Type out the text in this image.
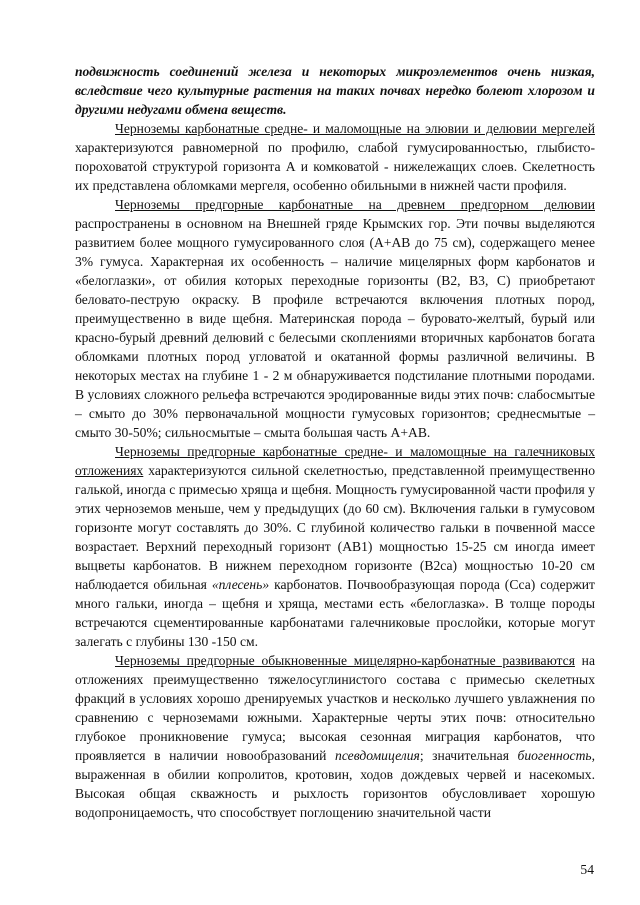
подвижность соединений железа и некоторых микроэлементов очень низкая, вследствие чего культурные растения на таких почвах нередко болеют хлорозом и другими недугами обмена веществ.

Черноземы карбонатные средне- и маломощные на элювии и делювии мергелей характеризуются равномерной по профилю, слабой гумусированностью, глыбисто-пороховатой структурой горизонта А и комковатой - нижележащих слоев. Скелетность их представлена обломками мергеля, особенно обильными в нижней части профиля.

Черноземы предгорные карбонатные на древнем предгорном делювии распространены в основном на Внешней гряде Крымских гор. Эти почвы выделяются развитием более мощного гумусированного слоя (А+АВ до 75 см), содержащего менее 3% гумуса. Характерная их особенность – наличие мицелярных форм карбонатов и «белоглазки», от обилия которых переходные горизонты (В2, В3, С) приобретают беловато-пеструю окраску. В профиле встречаются включения плотных пород, преимущественно в виде щебня. Материнская порода – буровато-желтый, бурый или красно-бурый древний делювий с белесыми скоплениями вторичных карбонатов богата обломками плотных пород угловатой и окатанной формы различной величины. В некоторых местах на глубине 1 - 2 м обнаруживается подстилание плотными породами. В условиях сложного рельефа встречаются эродированные виды этих почв: слабосмытые – смыто до 30% первоначальной мощности гумусовых горизонтов; среднесмытые – смыто 30-50%; сильносмытые – смыта большая часть А+АВ.

Черноземы предгорные карбонатные средне- и маломощные на галечниковых отложениях характеризуются сильной скелетностью, представленной преимущественно галькой, иногда с примесью хряща и щебня. Мощность гумусированной части профиля у этих черноземов меньше, чем у предыдущих (до 60 см). Включения гальки в гумусовом горизонте могут составлять до 30%. С глубиной количество гальки в почвенной массе возрастает. Верхний переходный горизонт (АВ1) мощностью 15-25 см иногда имеет выцветы карбонатов. В нижнем переходном горизонте (В2са) мощностью 10-20 см наблюдается обильная «плесень» карбонатов. Почвообразующая порода (Сса) содержит много гальки, иногда – щебня и хряща, местами есть «белоглазка». В толще породы встречаются сцементированные карбонатами галечниковые прослойки, которые могут залегать с глубины 130 -150 см.

Черноземы предгорные обыкновенные мицелярно-карбонатные развиваются на отложениях преимущественно тяжелосуглинистого состава с примесью скелетных фракций в условиях хорошо дренируемых участков и несколько лучшего увлажнения по сравнению с черноземами южными. Характерные черты этих почв: относительно глубокое проникновение гумуса; высокая сезонная миграция карбонатов, что проявляется в наличии новообразований псевдомицелия; значительная биогенность, выраженная в обилии копролитов, кротовин, ходов дождевых червей и насекомых. Высокая общая скважность и рыхлость горизонтов обусловливает хорошую водопроницаемость, что способствует поглощению значительной части

54
